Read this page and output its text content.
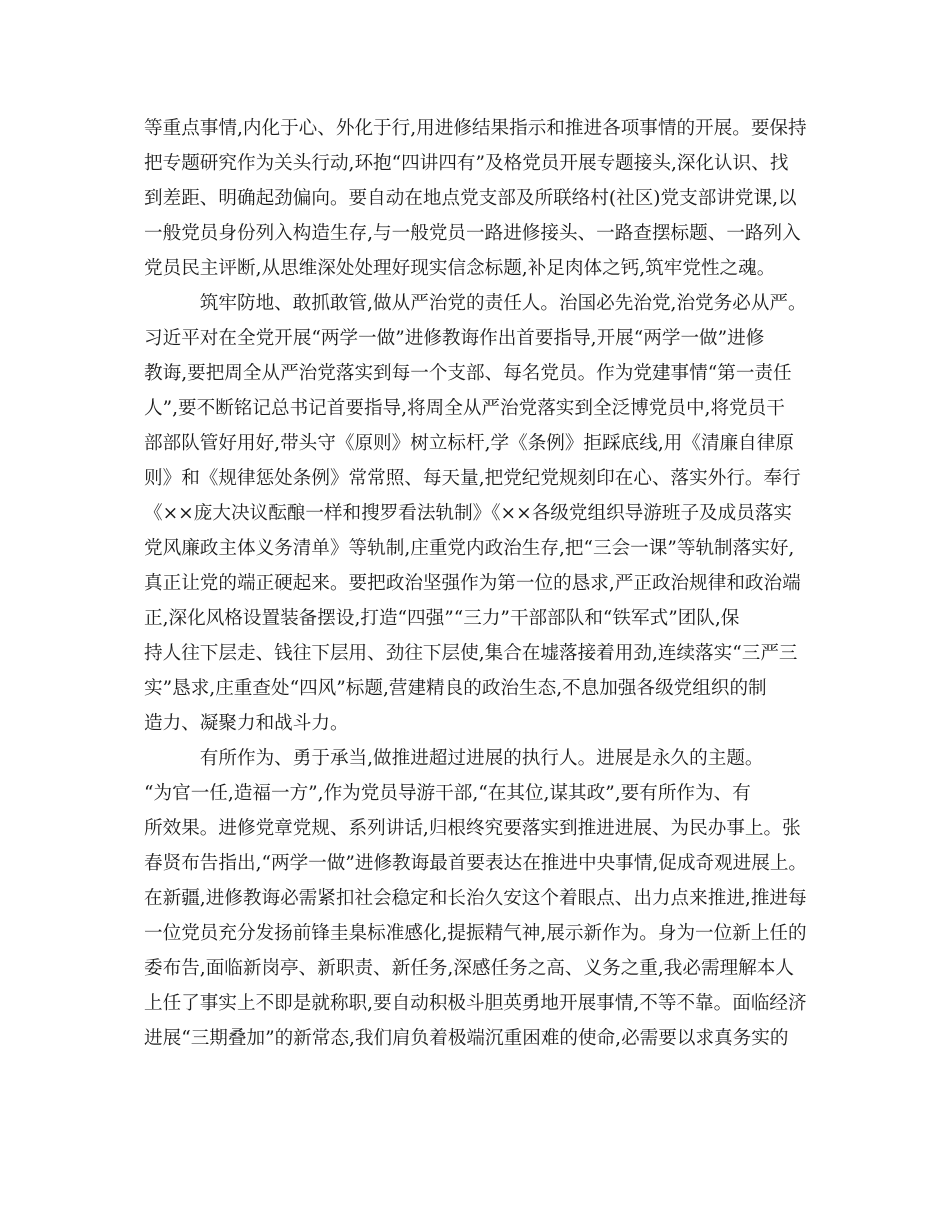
等重点事情,内化于心、外化于行,用进修结果指示和推进各项事情的开展。要保持
把专题研究作为关头行动,环抱“四讲四有”及格党员开展专题接头,深化认识、找
到差距、明确起劲偏向。要自动在地点党支部及所联络村(社区)党支部讲党课,以
一般党员身份列入构造生存,与一般党员一路进修接头、一路查摆标题、一路列入
党员民主评断,从思维深处处理好现实信念标题,补足肉体之钙,筑牢党性之魂。
　　　筑牢防地、敢抓敢管,做从严治党的责任人。治国必先治党,治党务必从严。
习近平对在全党开展“两学一做”进修教诲作出首要指导,开展“两学一做”进修
教诲,要把周全从严治党落实到每一个支部、每名党员。作为党建事情“第一责任
人”,要不断铭记总书记首要指导,将周全从严治党落实到全泛博党员中,将党员干
部部队管好用好,带头守《原则》树立标杆,学《条例》拒踩底线,用《清廉自律原
则》和《规律惩处条例》常常照、每天量,把党纪党规刻印在心、落实外行。奉行
《××庞大决议酝酿一样和搜罗看法轨制》《××各级党组织导游班子及成员落实
党风廉政主体义务清单》等轨制,庄重党内政治生存,把“三会一课”等轨制落实好,
真正让党的端正硬起来。要把政治坚强作为第一位的恳求,严正政治规律和政治端
正,深化风格设置装备摆设,打造“四强”“三力”干部部队和“铁军式”团队,保
持人往下层走、钱往下层用、劲往下层使,集合在墟落接着用劲,连续落实“三严三
实”恳求,庄重查处“四风”标题,营建精良的政治生态,不息加强各级党组织的制
造力、凝聚力和战斗力。
　　　有所作为、勇于承当,做推进超过进展的执行人。进展是永久的主题。
“为官一任,造福一方”,作为党员导游干部,“在其位,谋其政”,要有所作为、有
所效果。进修党章党规、系列讲话,归根终究要落实到推进进展、为民办事上。张
春贤布告指出,“两学一做”进修教诲最首要表达在推进中央事情,促成奇观进展上。
在新疆,进修教诲必需紧扣社会稳定和长治久安这个着眼点、出力点来推进,推进每
一位党员充分发扬前锋圭臬标准感化,提振精气神,展示新作为。身为一位新上任的
委布告,面临新岗亭、新职责、新任务,深感任务之高、义务之重,我必需理解本人
上任了事实上不即是就称职,要自动积极斗胆英勇地开展事情,不等不靠。面临经济
进展“三期叠加”的新常态,我们肩负着极端沉重困难的使命,必需要以求真务实的
